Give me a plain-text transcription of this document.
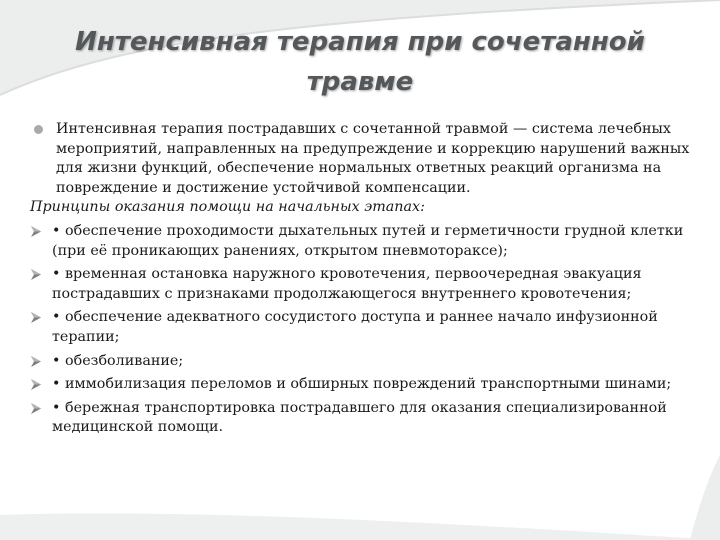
Интенсивная терапия при сочетанной
травме

Интенсивная терапия пострадавших с сочетанной травмой — система лечебных мероприятий, направленных на предупреждение и коррекцию нарушений важных для жизни функций, обеспечение нормальных ответных реакций организма на повреждение и достижение устойчивой компенсации.

Принципы оказания помощи на начальных этапах:

• обеспечение проходимости дыхательных путей и герметичности грудной клетки (при её проникающих ранениях, открытом пневмотораксе);
• временная остановка наружного кровотечения, первоочередная эвакуация пострадавших с признаками продолжающегося внутреннего кровотечения;
• обеспечение адекватного сосудистого доступа и раннее начало инфузионной терапии;
• обезболивание;
• иммобилизация переломов и обширных повреждений транспортными шинами;
• бережная транспортировка пострадавшего для оказания специализированной медицинской помощи.
